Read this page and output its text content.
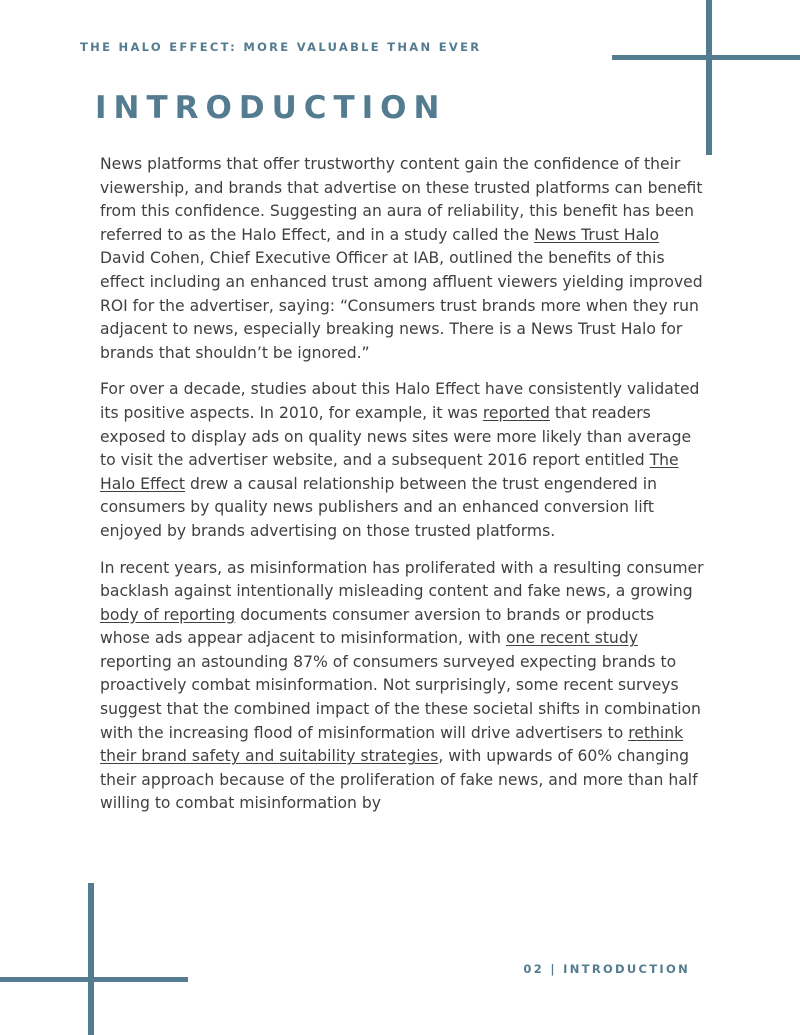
THE HALO EFFECT: MORE VALUABLE THAN EVER
INTRODUCTION

News platforms that offer trustworthy content gain the confidence of their viewership, and brands that advertise on these trusted platforms can benefit from this confidence. Suggesting an aura of reliability, this benefit has been referred to as the Halo Effect, and in a study called the News Trust Halo David Cohen, Chief Executive Officer at IAB, outlined the benefits of this effect including an enhanced trust among affluent viewers yielding improved ROI for the advertiser, saying: “Consumers trust brands more when they run adjacent to news, especially breaking news. There is a News Trust Halo for brands that shouldn’t be ignored.”

For over a decade, studies about this Halo Effect have consistently validated its positive aspects. In 2010, for example, it was reported that readers exposed to display ads on quality news sites were more likely than average to visit the advertiser website, and a subsequent 2016 report entitled The Halo Effect drew a causal relationship between the trust engendered in consumers by quality news publishers and an enhanced conversion lift enjoyed by brands advertising on those trusted platforms.

In recent years, as misinformation has proliferated with a resulting consumer backlash against intentionally misleading content and fake news, a growing body of reporting documents consumer aversion to brands or products whose ads appear adjacent to misinformation, with one recent study reporting an astounding 87% of consumers surveyed expecting brands to proactively combat misinformation. Not surprisingly, some recent surveys suggest that the combined impact of the these societal shifts in combination with the increasing flood of misinformation will drive advertisers to rethink their brand safety and suitability strategies, with upwards of 60% changing their approach because of the proliferation of fake news, and more than half willing to combat misinformation by

02 | INTRODUCTION
